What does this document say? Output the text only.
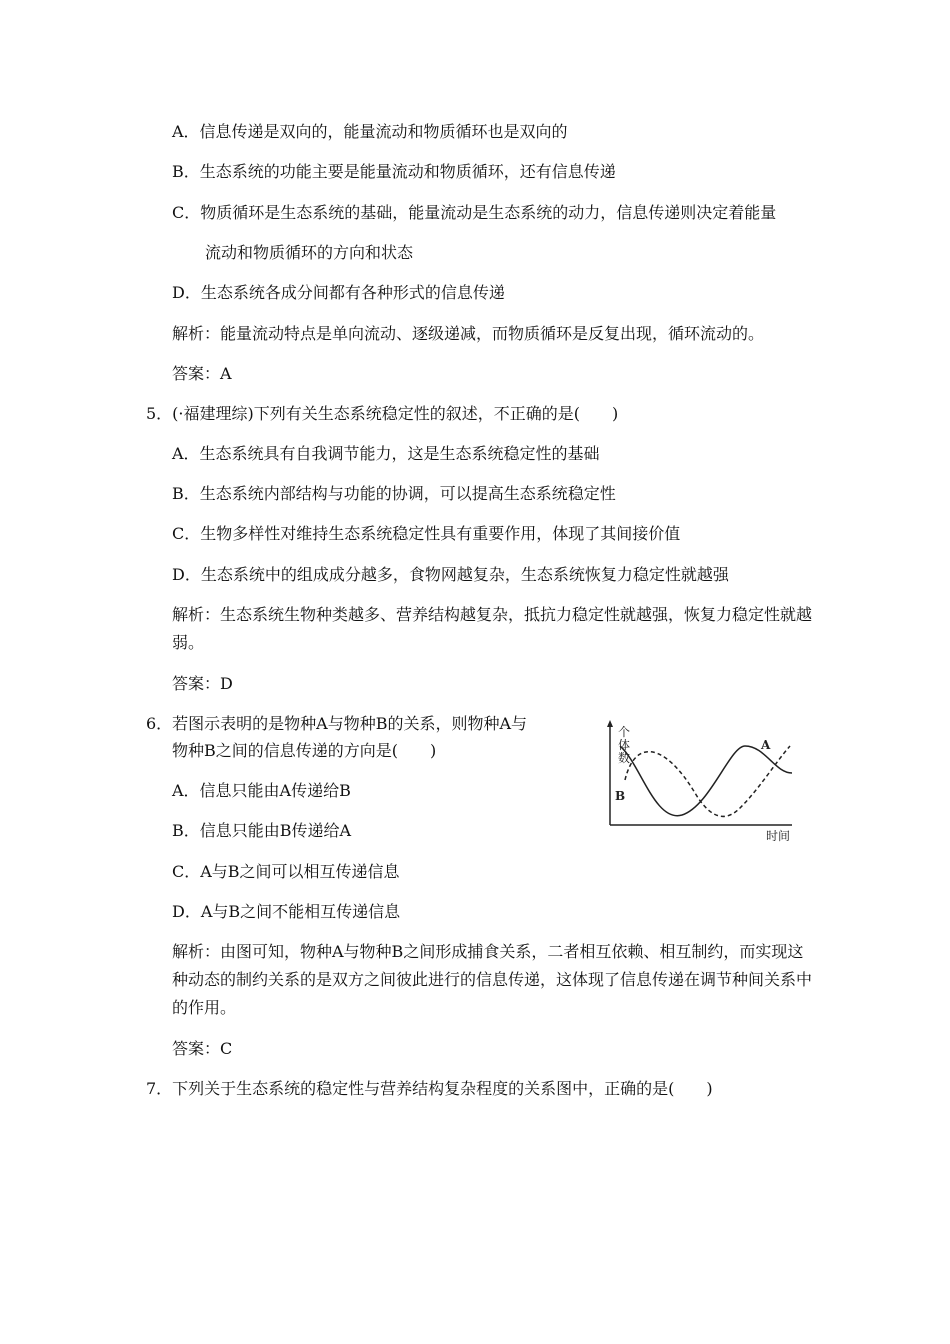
A．信息传递是双向的，能量流动和物质循环也是双向的
B．生态系统的功能主要是能量流动和物质循环，还有信息传递
C．物质循环是生态系统的基础，能量流动是生态系统的动力，信息传递则决定着能量
流动和物质循环的方向和状态
D．生态系统各成分间都有各种形式的信息传递
解析：能量流动特点是单向流动、逐级递减，而物质循环是反复出现，循环流动的。
答案：A
5．(·福建理综)下列有关生态系统稳定性的叙述，不正确的是(　　)
A．生态系统具有自我调节能力，这是生态系统稳定性的基础
B．生态系统内部结构与功能的协调，可以提高生态系统稳定性
C．生物多样性对维持生态系统稳定性具有重要作用，体现了其间接价值
D．生态系统中的组成成分越多，食物网越复杂，生态系统恢复力稳定性就越强
解析：生态系统生物种类越多、营养结构越复杂，抵抗力稳定性就越强，恢复力稳定性就越弱。
答案：D
6．若图示表明的是物种A与物种B的关系，则物种A与
物种B之间的信息传递的方向是(　　)
A．信息只能由A传递给B
B．信息只能由B传递给A
C．A与B之间可以相互传递信息
D．A与B之间不能相互传递信息
个
体
数
时间
A
B
解析：由图可知，物种A与物种B之间形成捕食关系，二者相互依赖、相互制约，而实现这种动态的制约关系的是双方之间彼此进行的信息传递，这体现了信息传递在调节种间关系中的作用。
答案：C
7．下列关于生态系统的稳定性与营养结构复杂程度的关系图中，正确的是(　　)
